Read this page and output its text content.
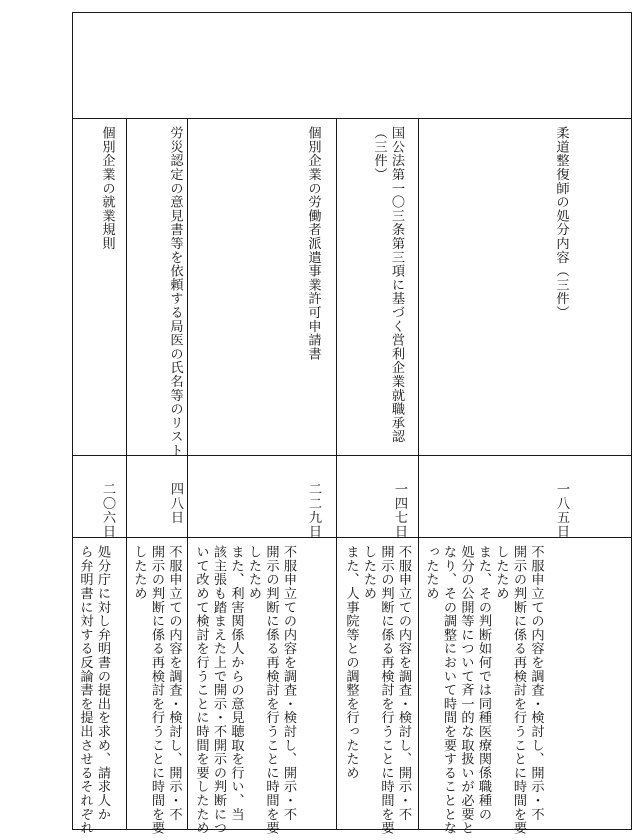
柔道整復師の処分内容（三件）
一八五日
不服申立ての内容を調査・検討し、開示・不
開示の判断に係る再検討を行うことに時間を要
したため
また、その判断如何では同種医療関係職種の
処分の公開等について斉一的な取扱いが必要と
なり、その調整において時間を要することとな
ったため
国公法第一〇三条第三項に基づく営利企業就職承認
（三件）
一四七日
不服申立ての内容を調査・検討し、開示・不
開示の判断に係る再検討を行うことに時間を要
したため
また、人事院等との調整を行ったため
個別企業の労働者派遣事業許可申請書
二二九日
不服申立ての内容を調査・検討し、開示・不
開示の判断に係る再検討を行うことに時間を要
したため
また、利害関係人からの意見聴取を行い、当
該主張も踏まえた上で開示・不開示の判断につ
いて改めて検討を行うことに時間を要したため
労災認定の意見書等を依頼する局医の氏名等のリスト
四八日
不服申立ての内容を調査・検討し、開示・不
開示の判断に係る再検討を行うことに時間を要
したため
個別企業の就業規則
二〇六日
処分庁に対し弁明書の提出を求め、請求人か
ら弁明書に対する反論書を提出させるそれぞれ
